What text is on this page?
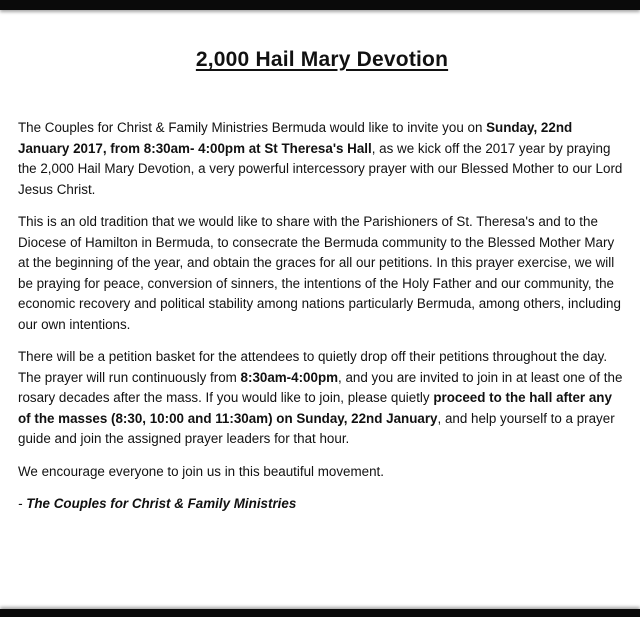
2,000 Hail Mary Devotion

The Couples for Christ & Family Ministries Bermuda would like to invite you on Sunday, 22nd January 2017, from 8:30am- 4:00pm at St Theresa's Hall, as we kick off the 2017 year by praying the 2,000 Hail Mary Devotion, a very powerful intercessory prayer with our Blessed Mother to our Lord Jesus Christ.

This is an old tradition that we would like to share with the Parishioners of St. Theresa's and to the Diocese of Hamilton in Bermuda, to consecrate the Bermuda community to the Blessed Mother Mary at the beginning of the year, and obtain the graces for all our petitions. In this prayer exercise, we will be praying for peace, conversion of sinners, the intentions of the Holy Father and our community, the economic recovery and political stability among nations particularly Bermuda, among others, including our own intentions.

There will be a petition basket for the attendees to quietly drop off their petitions throughout the day. The prayer will run continuously from 8:30am-4:00pm, and you are invited to join in at least one of the rosary decades after the mass. If you would like to join, please quietly proceed to the hall after any of the masses (8:30, 10:00 and 11:30am) on Sunday, 22nd January, and help yourself to a prayer guide and join the assigned prayer leaders for that hour.

We encourage everyone to join us in this beautiful movement.

- The Couples for Christ & Family Ministries
